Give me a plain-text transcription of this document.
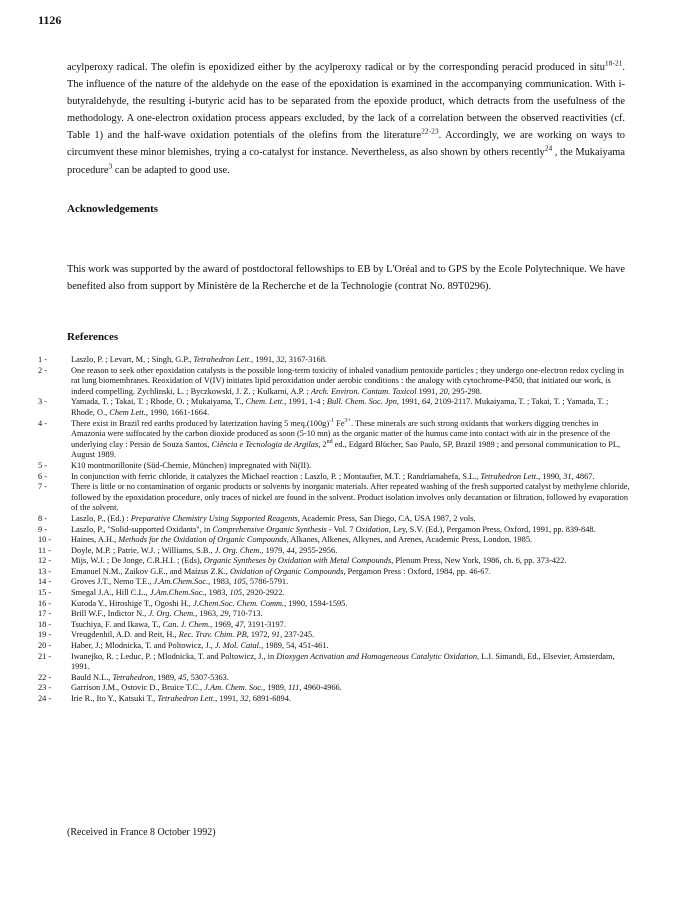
1126
acylperoxy radical. The olefin is epoxidized either by the acylperoxy radical or by the corresponding peracid produced in situ$^{18-21}$. The influence of the nature of the aldehyde on the ease of the epoxidation is examined in the accompanying communication. With i-butyraldehyde, the resulting i-butyric acid has to be separated from the epoxide product, which detracts from the usefulness of the methodology. A one-electron oxidation process appears excluded, by the lack of a correlation between the observed reactivities (cf. Table 1) and the half-wave oxidation potentials of the olefins from the literature$^{22-23}$. Accordingly, we are working on ways to circumvent these minor blemishes, trying a co-catalyst for instance. Nevertheless, as also shown by others recently$^{24}$ , the Mukaiyama procedure$^3$ can be adapted to good use.
Acknowledgements
This work was supported by the award of postdoctoral fellowships to EB by L'Oréal and to GPS by the Ecole Polytechnique. We have benefited also from support by Ministère de la Recherche et de la Technologie (contrat No. 89T0296).
References
1 -	Laszlo, P. ; Levart, M. ; Singh, G.P., Tetrahedron Lett., 1991, 32, 3167-3168.
2 -	One reason to seek other epoxidation catalysts is the possible long-term toxicity of inhaled vanadium pentoxide particles ; they undergo one-electron redox cycling in rat lung biomembranes. Reoxidation of V(IV) initiates lipid peroxidation under aerobic conditions : the analogy with cytochrome-P450, that initiated our work, is indeed compelling. Zychlinski, L. ; Byczkowski, J. Z. ; Kulkarni, A.P. ; Arch. Environ. Contam. Toxicol 1991, 20, 295-298.
3 -	Yamada, T. ; Takai, T. ; Rhode, O. ; Mukaiyama, T., Chem. Lett., 1991, 1-4 ; Bull. Chem. Soc. Jpn, 1991, 64, 2109-2117. Mukaiyama, T. ; Takai, T. ; Yamada, T. ; Rhode, O., Chem Lett., 1990, 1661-1664.
4 -	There exist in Brazil red earths produced by laterization having 5 $meq.(100g)^{-1}$ $Fe^{3+}$. These minerals are such strong oxidants that workers digging trenches in Amazonia were suffocated by the carbon dioxide produced as soon (5-10 mn) as the organic matter of the humus came into contact with air in the presence of the underlying clay : Persio de Souza Santos, Ciência e Tecnologia de Argilas, 2nd ed., Edgard Blücher, Sao Paulo, SP, Brazil 1989 ; and personal communication to PL, August 1989.
5 -	K10 montmorillonite (Süd-Chemie, München) impregnated with Ni(II).
6 -	In conjunction with ferric chloride, it catalyzes the Michael reaction : Laszlo, P. ; Montaufier, M.T. ; Randriamahefa, S.L., Tetrahedron Lett., 1990, 31, 4867.
7 -	There is little or no contamination of organic products or solvents by inorganic materials. After repeated washing of the fresh supported catalyst by methylene chloride, followed by the epoxidation procedure, only traces of nickel are found in the solvent. Product isolation involves only decantation or filtration, followed by evaporation of the solvent.
8 -	Laszlo, P., (Ed.) : Preparative Chemistry Using Supported Reagents, Academic Press, San Diego, CA, USA 1987, 2 vols.
9 -	Laszlo, P., "Solid-supported Oxidants", in Comprehensive Organic Synthesis - Vol. 7 Oxidation, Ley, S.V. (Ed.), Pergamon Press, Oxford, 1991, pp. 839-848.
10 -	Haines, A.H., Methods for the Oxidation of Organic Compounds, Alkanes, Alkenes, Alkynes, and Arenes, Academic Press, London, 1985.
11 -	Doyle, M.P. ; Patrie, W.J. ; Williams, S.B., J. Org. Chem., 1979, 44, 2955-2956.
12 -	Mijs, W.J. ; De Jonge, C.R.H.I. ; (Eds), Organic Syntheses by Oxidation with Metal Compounds, Plenum Press, New York, 1986, ch. 6, pp. 373-422.
13 -	Emanuel N.M., Zaikov G.E., and Maizus Z.K., Oxidation of Organic Compounds, Pergamon Press : Oxford, 1984, pp. 46-67.
14 -	Groves J.T., Nemo T.E., J.Am.Chem.Soc., 1983, 105, 5786-5791.
15 -	Smegal J.A., Hill C.L., J.Am.Chem.Soc., 1983, 105, 2920-2922.
16 -	Kuroda Y., Hiroshige T., Ogoshi H., J.Chem.Soc. Chem. Comm., 1990, 1594-1595.
17 -	Brill W.F., Indictor N., J. Org. Chem., 1963, 29, 710-713.
18 -	Tsuchiya, F. and Ikawa, T., Can. J. Chem., 1969, 47, 3191-3197.
19 -	Vreugdenhil, A.D. and Reit, H., Rec. Trav. Chim. PB, 1972, 91, 237-245.
20 -	Haber, J.; Mlodnicka, T. and Poltowicz, J., J. Mol. Catal., 1989, 54, 451-461.
21 -	Iwanejko, R. ; Leduc, P. ; Mlodnicka, T. and Poltowicz, J., in Dioxygen Activation and Homogeneous Catalytic Oxidation, L.I. Simandi, Ed., Elsevier, Amsterdam, 1991.
22 -	Bauld N.L., Tetrahedron, 1989, 45, 5307-5363.
23 -	Garrison J.M., Ostovic D., Bruice T.C., J.Am. Chem. Soc., 1989, 111, 4960-4966.
24 -	Irie R., Ito Y., Katsuki T., Tetrahedron Lett., 1991, 32, 6891-6894.
(Received in France 8 October 1992)
